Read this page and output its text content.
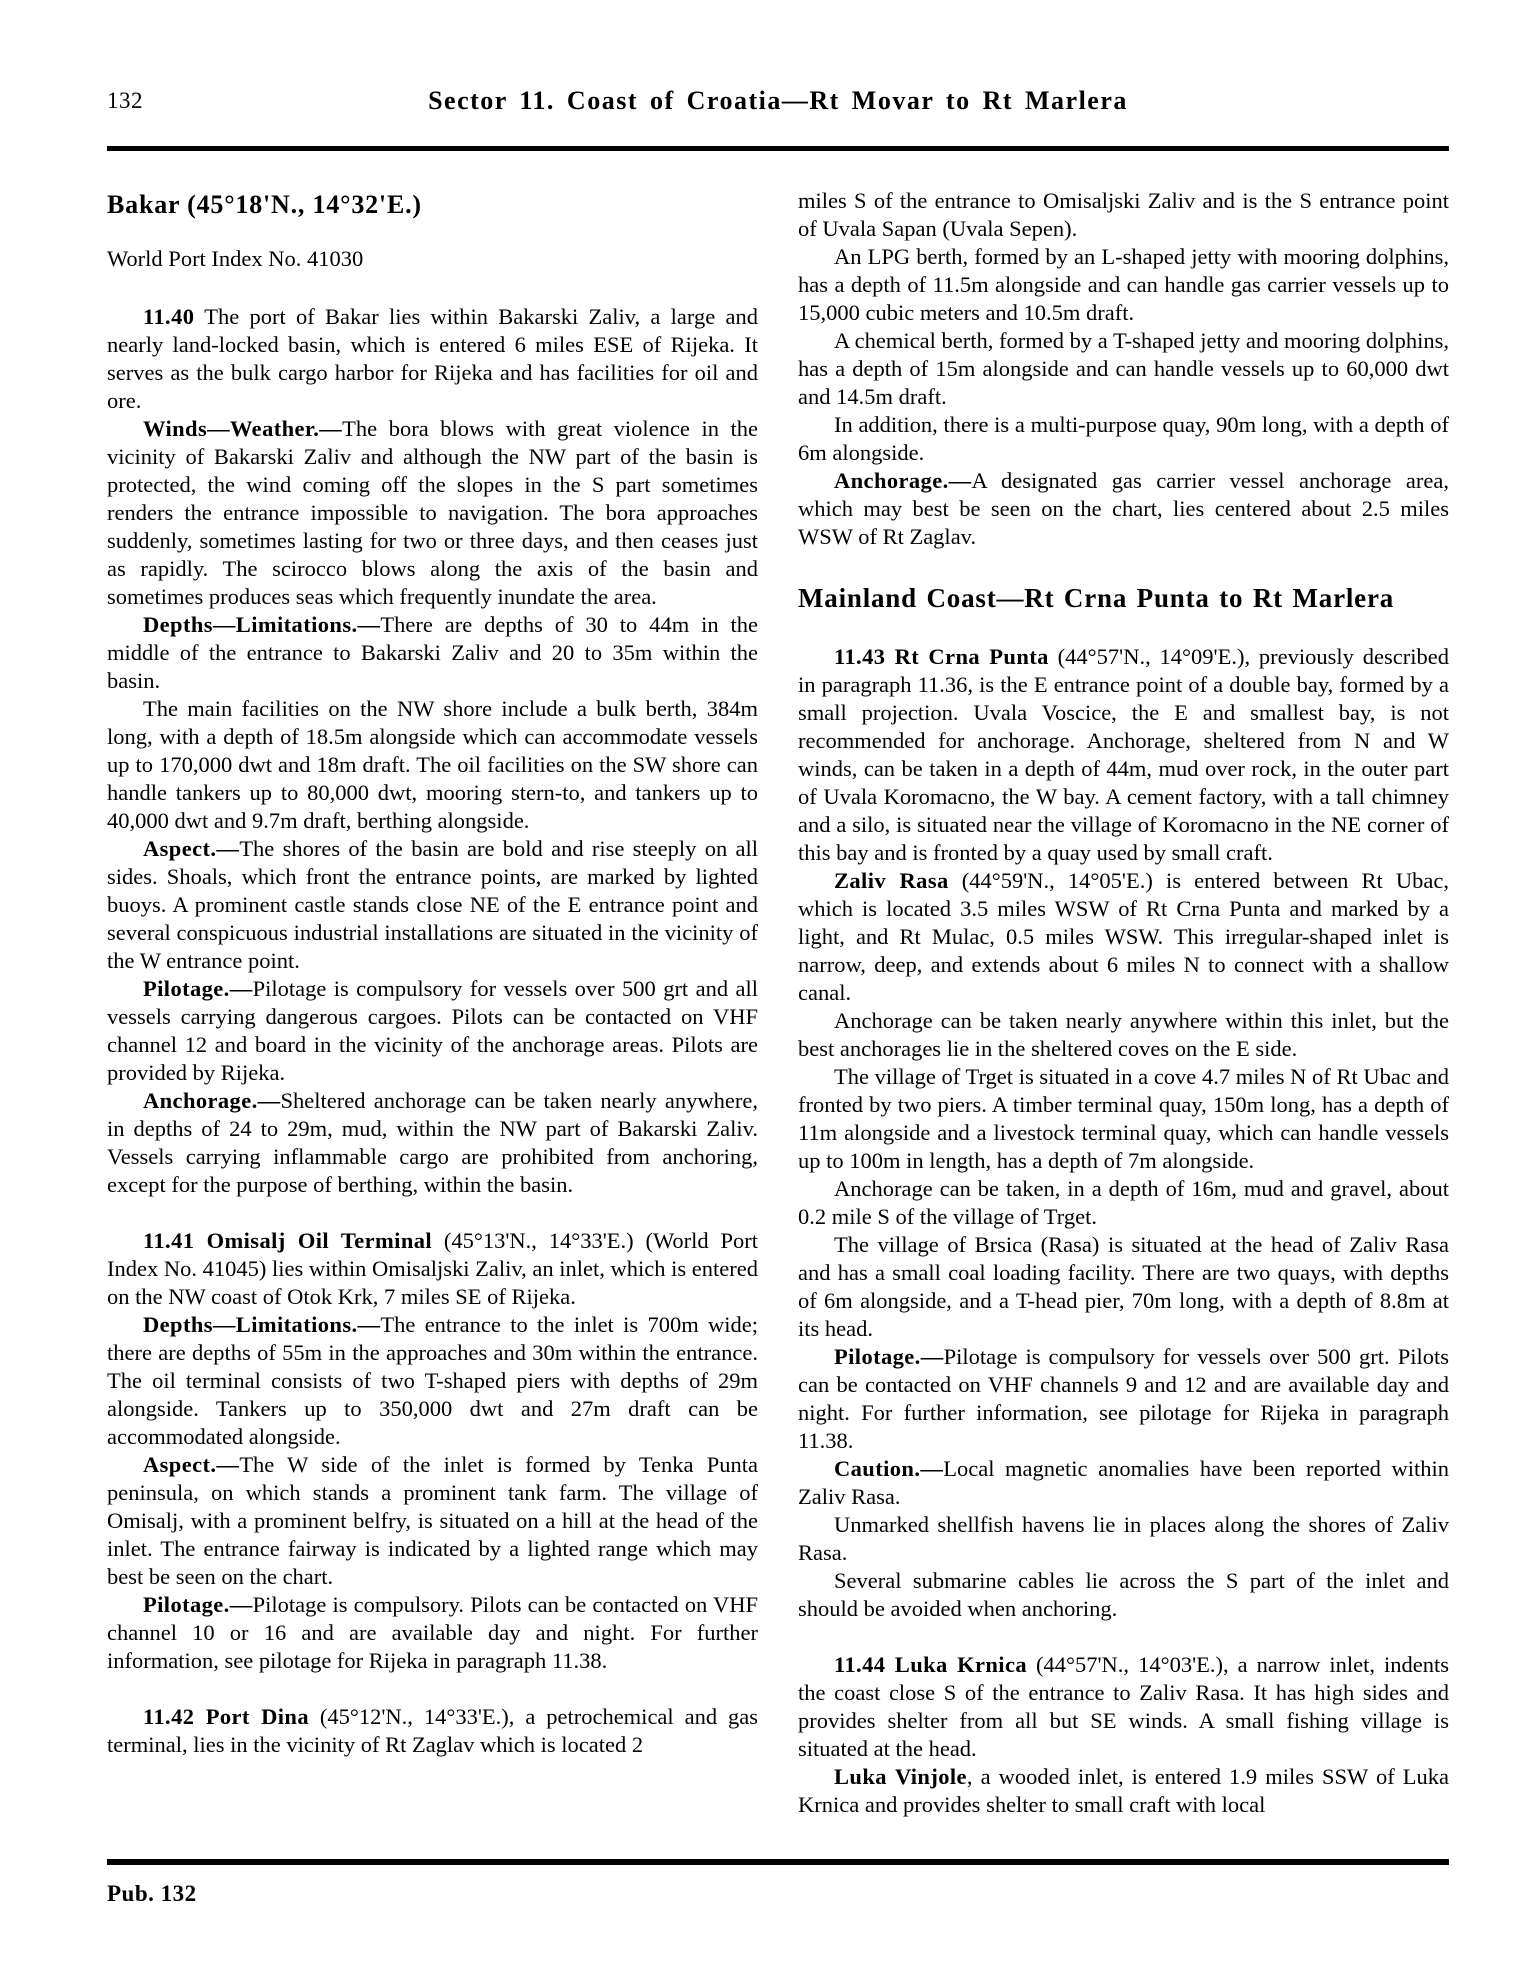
132	Sector 11. Coast of Croatia—Rt Movar to Rt Marlera
Bakar (45°18'N., 14°32'E.)
World Port Index No. 41030

11.40 The port of Bakar lies within Bakarski Zaliv, a large and nearly land-locked basin, which is entered 6 miles ESE of Rijeka. It serves as the bulk cargo harbor for Rijeka and has facilities for oil and ore.

Winds—Weather.—The bora blows with great violence in the vicinity of Bakarski Zaliv and although the NW part of the basin is protected, the wind coming off the slopes in the S part sometimes renders the entrance impossible to navigation. The bora approaches suddenly, sometimes lasting for two or three days, and then ceases just as rapidly. The scirocco blows along the axis of the basin and sometimes produces seas which frequently inundate the area.

Depths—Limitations.—There are depths of 30 to 44m in the middle of the entrance to Bakarski Zaliv and 20 to 35m within the basin.

The main facilities on the NW shore include a bulk berth, 384m long, with a depth of 18.5m alongside which can accommodate vessels up to 170,000 dwt and 18m draft. The oil facilities on the SW shore can handle tankers up to 80,000 dwt, mooring stern-to, and tankers up to 40,000 dwt and 9.7m draft, berthing alongside.

Aspect.—The shores of the basin are bold and rise steeply on all sides. Shoals, which front the entrance points, are marked by lighted buoys. A prominent castle stands close NE of the E entrance point and several conspicuous industrial installations are situated in the vicinity of the W entrance point.

Pilotage.—Pilotage is compulsory for vessels over 500 grt and all vessels carrying dangerous cargoes. Pilots can be contacted on VHF channel 12 and board in the vicinity of the anchorage areas. Pilots are provided by Rijeka.

Anchorage.—Sheltered anchorage can be taken nearly anywhere, in depths of 24 to 29m, mud, within the NW part of Bakarski Zaliv. Vessels carrying inflammable cargo are prohibited from anchoring, except for the purpose of berthing, within the basin.

11.41 Omisalj Oil Terminal (45°13'N., 14°33'E.) (World Port Index No. 41045) lies within Omisaljski Zaliv, an inlet, which is entered on the NW coast of Otok Krk, 7 miles SE of Rijeka.

Depths—Limitations.—The entrance to the inlet is 700m wide; there are depths of 55m in the approaches and 30m within the entrance. The oil terminal consists of two T-shaped piers with depths of 29m alongside. Tankers up to 350,000 dwt and 27m draft can be accommodated alongside.

Aspect.—The W side of the inlet is formed by Tenka Punta peninsula, on which stands a prominent tank farm. The village of Omisalj, with a prominent belfry, is situated on a hill at the head of the inlet. The entrance fairway is indicated by a lighted range which may best be seen on the chart.

Pilotage.—Pilotage is compulsory. Pilots can be contacted on VHF channel 10 or 16 and are available day and night. For further information, see pilotage for Rijeka in paragraph 11.38.

11.42 Port Dina (45°12'N., 14°33'E.), a petrochemical and gas terminal, lies in the vicinity of Rt Zaglav which is located 2

miles S of the entrance to Omisaljski Zaliv and is the S entrance point of Uvala Sapan (Uvala Sepen).

An LPG berth, formed by an L-shaped jetty with mooring dolphins, has a depth of 11.5m alongside and can handle gas carrier vessels up to 15,000 cubic meters and 10.5m draft.

A chemical berth, formed by a T-shaped jetty and mooring dolphins, has a depth of 15m alongside and can handle vessels up to 60,000 dwt and 14.5m draft.

In addition, there is a multi-purpose quay, 90m long, with a depth of 6m alongside.

Anchorage.—A designated gas carrier vessel anchorage area, which may best be seen on the chart, lies centered about 2.5 miles WSW of Rt Zaglav.

Mainland Coast—Rt Crna Punta to Rt Marlera

11.43 Rt Crna Punta (44°57'N., 14°09'E.), previously described in paragraph 11.36, is the E entrance point of a double bay, formed by a small projection. Uvala Voscice, the E and smallest bay, is not recommended for anchorage. Anchorage, sheltered from N and W winds, can be taken in a depth of 44m, mud over rock, in the outer part of Uvala Koromacno, the W bay. A cement factory, with a tall chimney and a silo, is situated near the village of Koromacno in the NE corner of this bay and is fronted by a quay used by small craft.

Zaliv Rasa (44°59'N., 14°05'E.) is entered between Rt Ubac, which is located 3.5 miles WSW of Rt Crna Punta and marked by a light, and Rt Mulac, 0.5 miles WSW. This irregular-shaped inlet is narrow, deep, and extends about 6 miles N to connect with a shallow canal.

Anchorage can be taken nearly anywhere within this inlet, but the best anchorages lie in the sheltered coves on the E side.

The village of Trget is situated in a cove 4.7 miles N of Rt Ubac and fronted by two piers. A timber terminal quay, 150m long, has a depth of 11m alongside and a livestock terminal quay, which can handle vessels up to 100m in length, has a depth of 7m alongside.

Anchorage can be taken, in a depth of 16m, mud and gravel, about 0.2 mile S of the village of Trget.

The village of Brsica (Rasa) is situated at the head of Zaliv Rasa and has a small coal loading facility. There are two quays, with depths of 6m alongside, and a T-head pier, 70m long, with a depth of 8.8m at its head.

Pilotage.—Pilotage is compulsory for vessels over 500 grt. Pilots can be contacted on VHF channels 9 and 12 and are available day and night. For further information, see pilotage for Rijeka in paragraph 11.38.

Caution.—Local magnetic anomalies have been reported within Zaliv Rasa.

Unmarked shellfish havens lie in places along the shores of Zaliv Rasa.

Several submarine cables lie across the S part of the inlet and should be avoided when anchoring.

11.44 Luka Krnica (44°57'N., 14°03'E.), a narrow inlet, indents the coast close S of the entrance to Zaliv Rasa. It has high sides and provides shelter from all but SE winds. A small fishing village is situated at the head.

Luka Vinjole, a wooded inlet, is entered 1.9 miles SSW of Luka Krnica and provides shelter to small craft with local

Pub. 132
